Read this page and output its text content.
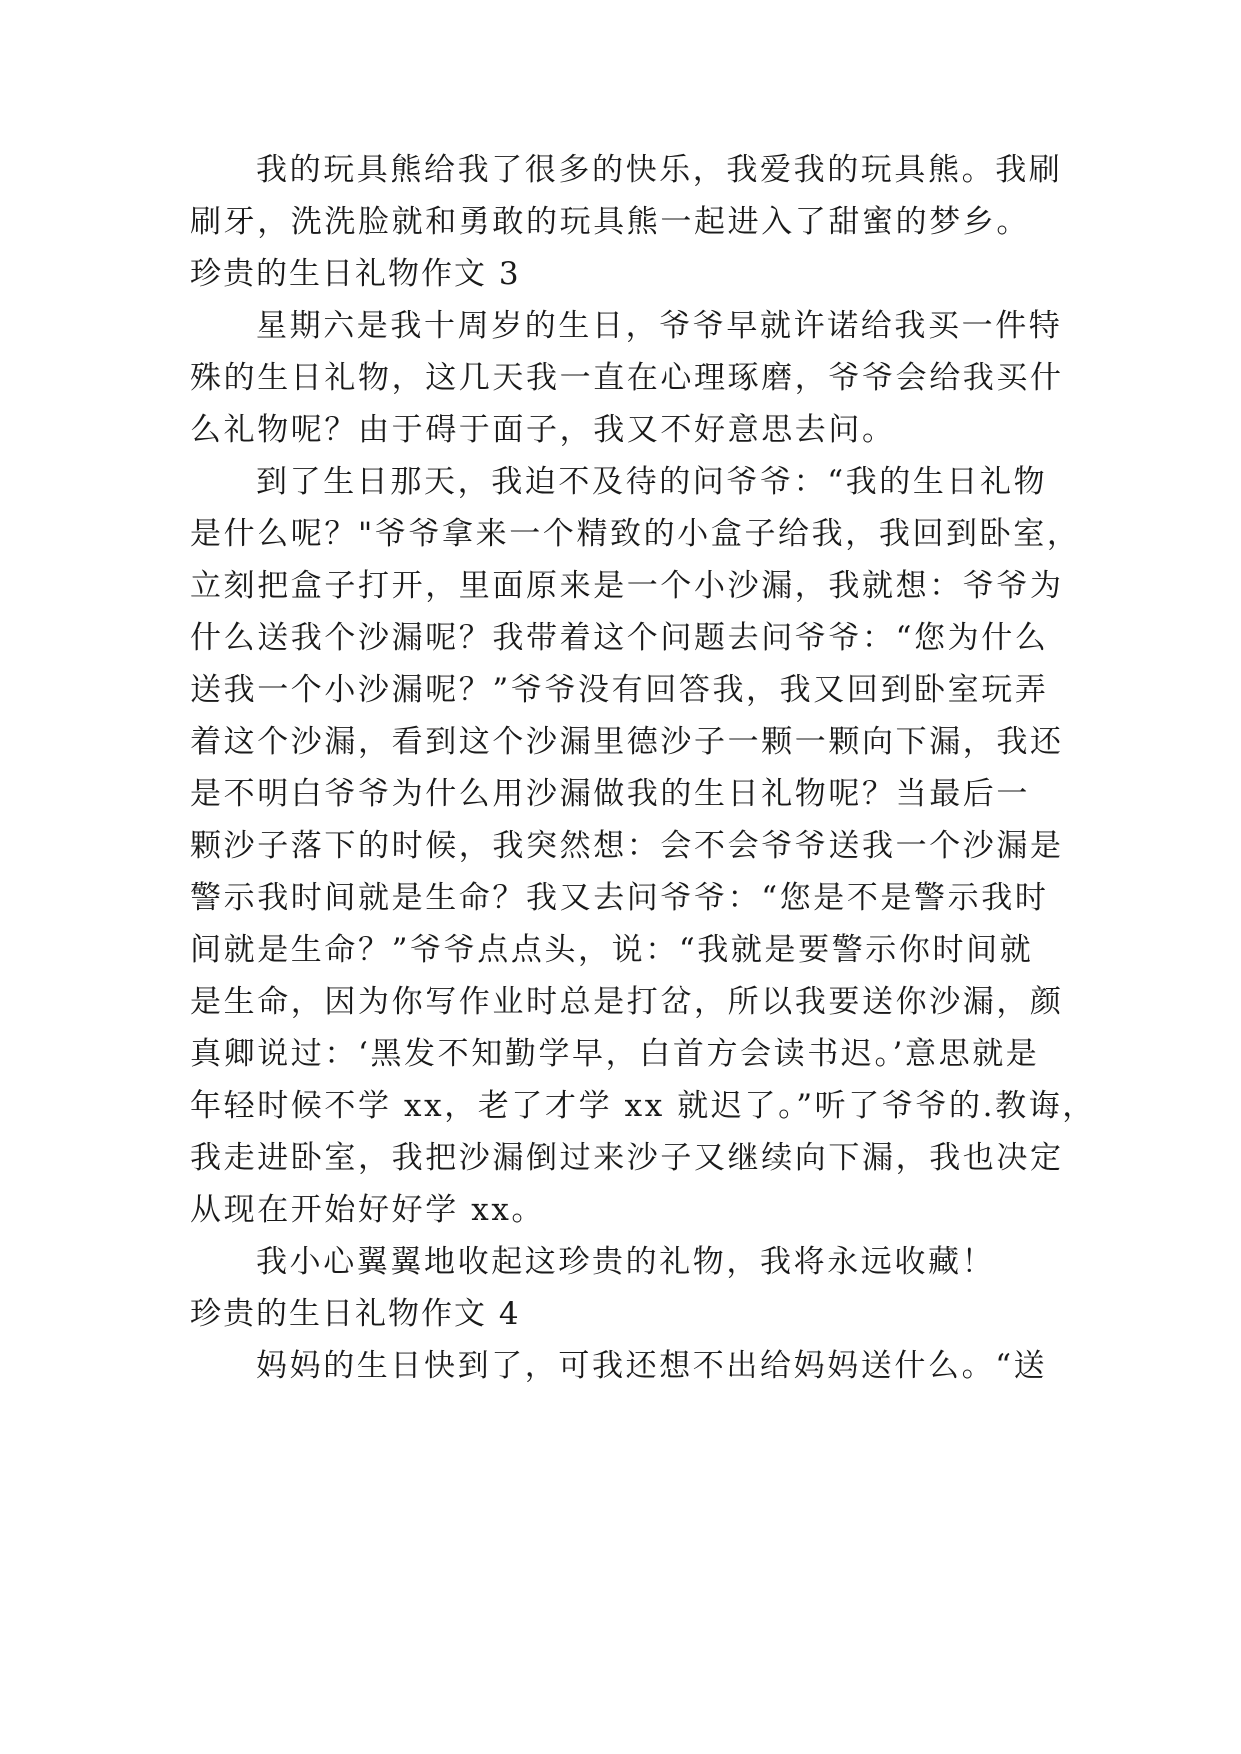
我的玩具熊给我了很多的快乐，我爱我的玩具熊。我刷
刷牙，洗洗脸就和勇敢的玩具熊一起进入了甜蜜的梦乡。
珍贵的生日礼物作文 3
星期六是我十周岁的生日，爷爷早就许诺给我买一件特
殊的生日礼物，这几天我一直在心理琢磨，爷爷会给我买什
么礼物呢？由于碍于面子，我又不好意思去问。
到了生日那天，我迫不及待的问爷爷：“我的生日礼物
是什么呢？"爷爷拿来一个精致的小盒子给我，我回到卧室，
立刻把盒子打开，里面原来是一个小沙漏，我就想：爷爷为
什么送我个沙漏呢？我带着这个问题去问爷爷：“您为什么
送我一个小沙漏呢？”爷爷没有回答我，我又回到卧室玩弄
着这个沙漏，看到这个沙漏里德沙子一颗一颗向下漏，我还
是不明白爷爷为什么用沙漏做我的生日礼物呢？当最后一
颗沙子落下的时候，我突然想：会不会爷爷送我一个沙漏是
警示我时间就是生命？我又去问爷爷：“您是不是警示我时
间就是生命？”爷爷点点头，说：“我就是要警示你时间就
是生命，因为你写作业时总是打岔，所以我要送你沙漏，颜
真卿说过：‘黑发不知勤学早，白首方会读书迟。’意思就是
年轻时候不学 xx，老了才学 xx 就迟了。”听了爷爷的.教诲，
我走进卧室，我把沙漏倒过来沙子又继续向下漏，我也决定
从现在开始好好学 xx。
我小心翼翼地收起这珍贵的礼物，我将永远收藏！
珍贵的生日礼物作文 4
妈妈的生日快到了，可我还想不出给妈妈送什么。“送
